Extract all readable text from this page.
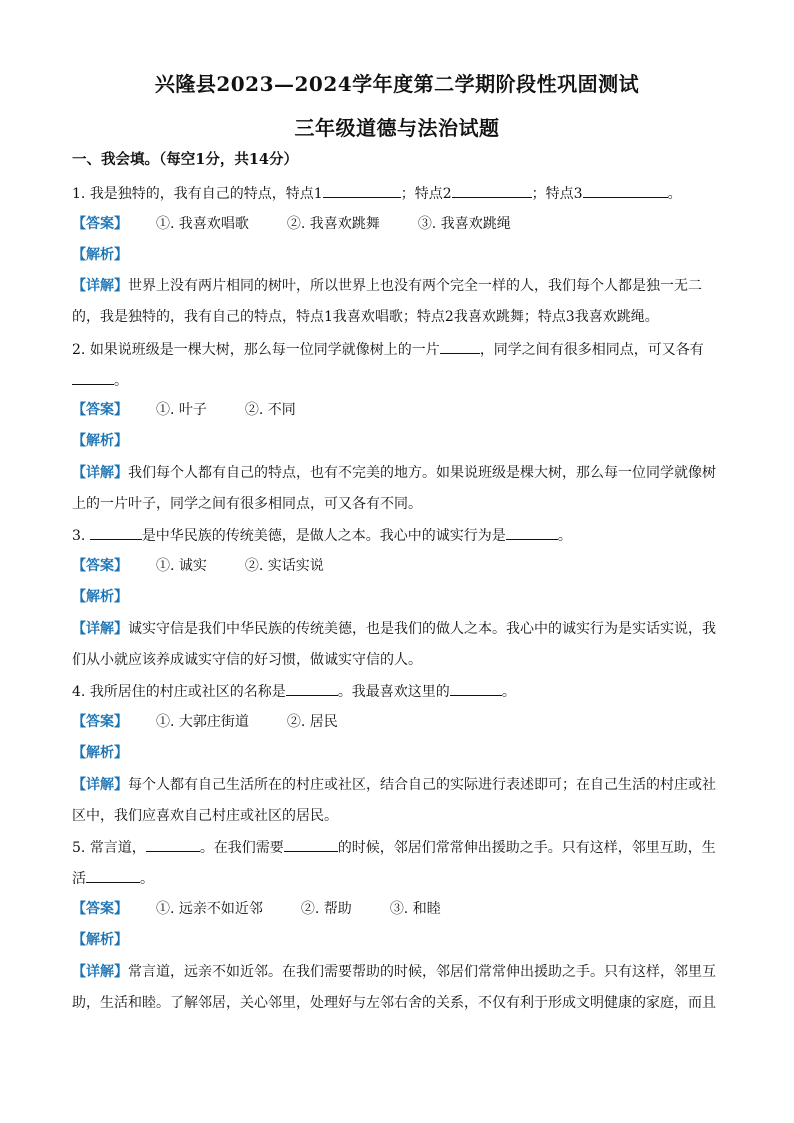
兴隆县2023—2024学年度第二学期阶段性巩固测试
三年级道德与法治试题
一、我会填。（每空1分，共14分）
1. 我是独特的，我有自己的特点，特点1	；特点2	；特点3	。
【答案】 ①. 我喜欢唱歌	②. 我喜欢跳舞	③. 我喜欢跳绳
【解析】
【详解】世界上没有两片相同的树叶，所以世界上也没有两个完全一样的人，我们每个人都是独一无二
的，我是独特的，我有自己的特点，特点1我喜欢唱歌；特点2我喜欢跳舞；特点3我喜欢跳绳。
2. 如果说班级是一棵大树，那么每一位同学就像树上的一片	，同学之间有很多相同点，可又各有
。
【答案】 ①. 叶子	②. 不同
【解析】
【详解】我们每个人都有自己的特点，也有不完美的地方。如果说班级是棵大树，那么每一位同学就像树
上的一片叶子，同学之间有很多相同点，可又各有不同。
3.	是中华民族的传统美德，是做人之本。我心中的诚实行为是	。
【答案】 ①. 诚实	②. 实话实说
【解析】
【详解】诚实守信是我们中华民族的传统美德，也是我们的做人之本。我心中的诚实行为是实话实说，我
们从小就应该养成诚实守信的好习惯，做诚实守信的人。
4. 我所居住的村庄或社区的名称是	。我最喜欢这里的	。
【答案】 ①. 大郭庄街道	②. 居民
【解析】
【详解】每个人都有自己生活所在的村庄或社区，结合自己的实际进行表述即可；在自己生活的村庄或社
区中，我们应喜欢自己村庄或社区的居民。
5. 常言道，	。在我们需要	的时候，邻居们常常伸出援助之手。只有这样，邻里互助，生
活	。
【答案】 ①. 远亲不如近邻	②. 帮助	③. 和睦
【解析】
【详解】常言道，远亲不如近邻。在我们需要帮助的时候，邻居们常常伸出援助之手。只有这样，邻里互
助，生活和睦。了解邻居，关心邻里，处理好与左邻右舍的关系，不仅有利于形成文明健康的家庭，而且
